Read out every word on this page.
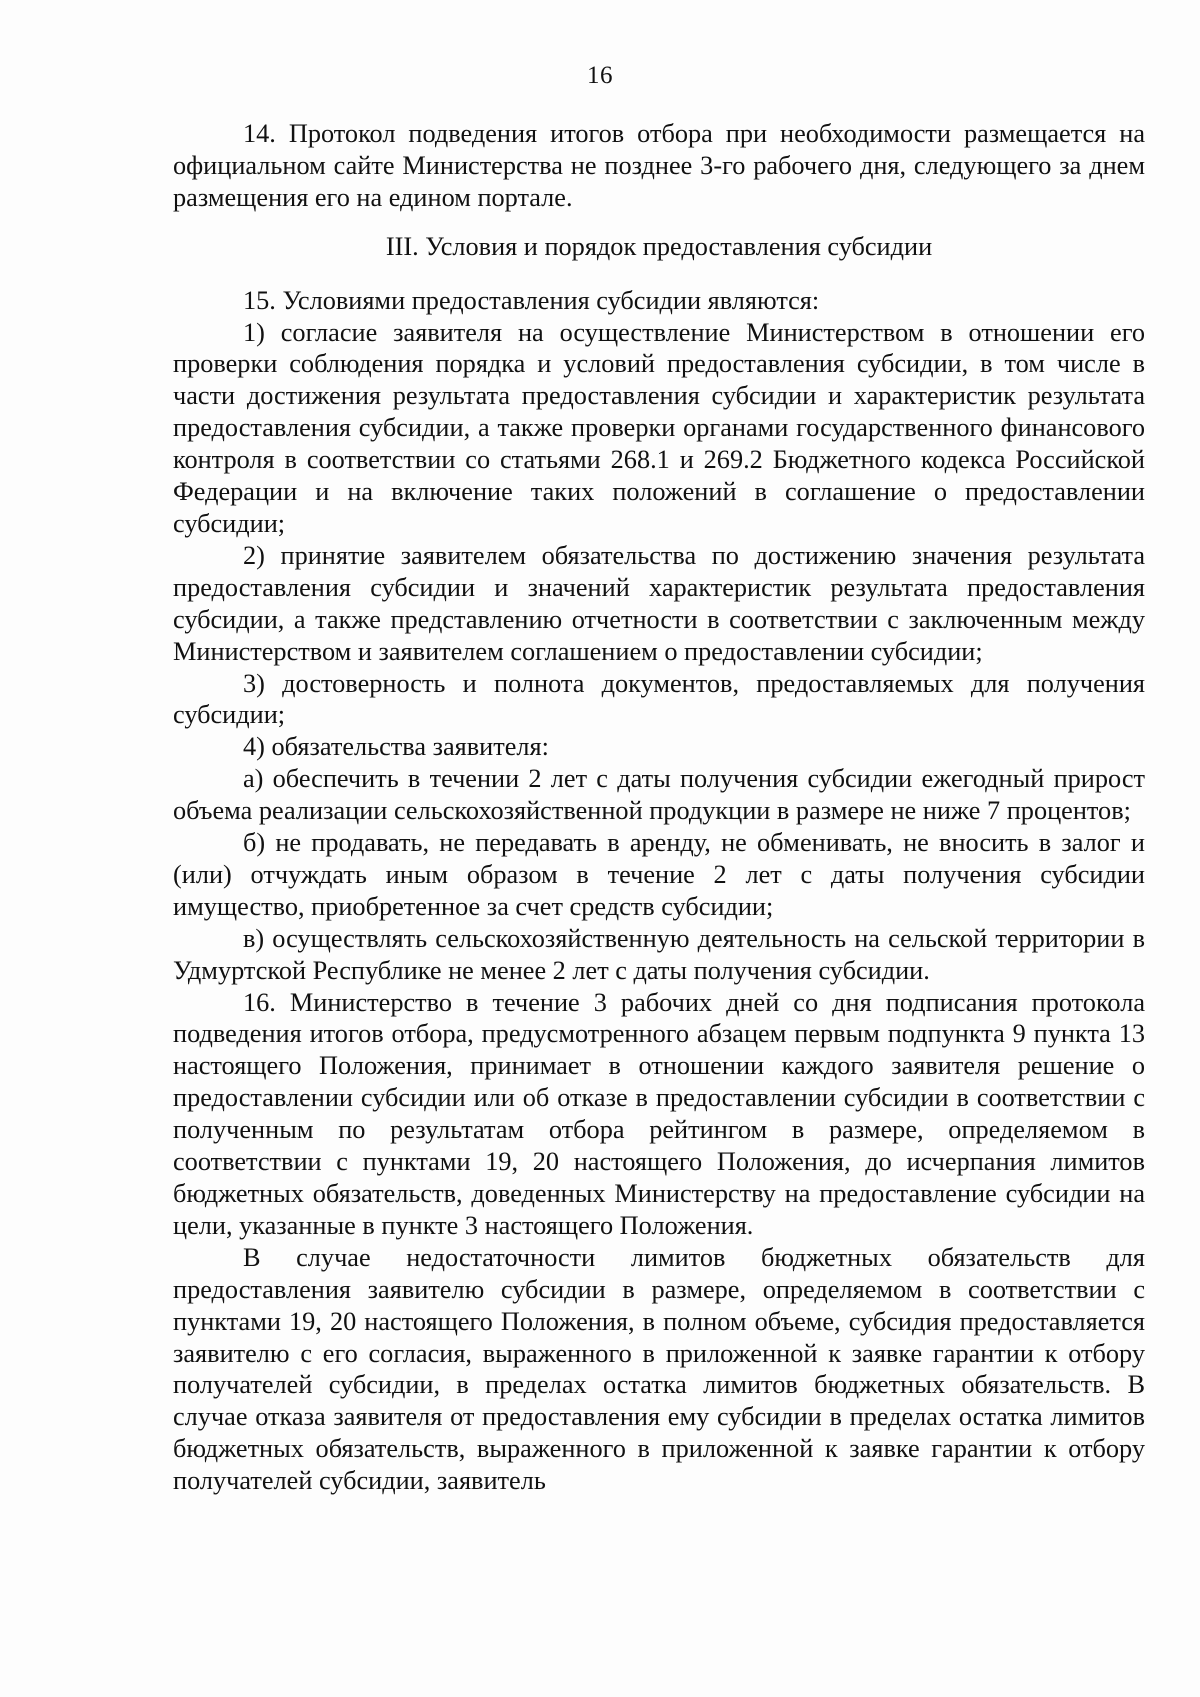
16

14. Протокол подведения итогов отбора при необходимости размещается на официальном сайте Министерства не позднее 3-го рабочего дня, следующего за днем размещения его на едином портале.

III. Условия и порядок предоставления субсидии

15. Условиями предоставления субсидии являются:

1) согласие заявителя на осуществление Министерством в отношении его проверки соблюдения порядка и условий предоставления субсидии, в том числе в части достижения результата предоставления субсидии и характеристик результата предоставления субсидии, а также проверки органами государственного финансового контроля в соответствии со статьями 268.1 и 269.2 Бюджетного кодекса Российской Федерации и на включение таких положений в соглашение о предоставлении субсидии;

2) принятие заявителем обязательства по достижению значения результата предоставления субсидии и значений характеристик результата предоставления субсидии, а также представлению отчетности в соответствии с заключенным между Министерством и заявителем соглашением о предоставлении субсидии;

3) достоверность и полнота документов, предоставляемых для получения субсидии;

4) обязательства заявителя:

а) обеспечить в течении 2 лет с даты получения субсидии ежегодный прирост объема реализации сельскохозяйственной продукции в размере не ниже 7 процентов;

б) не продавать, не передавать в аренду, не обменивать, не вносить в залог и (или) отчуждать иным образом в течение 2 лет с даты получения субсидии имущество, приобретенное за счет средств субсидии;

в) осуществлять сельскохозяйственную деятельность на сельской территории в Удмуртской Республике не менее 2 лет с даты получения субсидии.

16. Министерство в течение 3 рабочих дней со дня подписания протокола подведения итогов отбора, предусмотренного абзацем первым подпункта 9 пункта 13 настоящего Положения, принимает в отношении каждого заявителя решение о предоставлении субсидии или об отказе в предоставлении субсидии в соответствии с полученным по результатам отбора рейтингом в размере, определяемом в соответствии с пунктами 19, 20 настоящего Положения, до исчерпания лимитов бюджетных обязательств, доведенных Министерству на предоставление субсидии на цели, указанные в пункте 3 настоящего Положения.

В случае недостаточности лимитов бюджетных обязательств для предоставления заявителю субсидии в размере, определяемом в соответствии с пунктами 19, 20 настоящего Положения, в полном объеме, субсидия предоставляется заявителю с его согласия, выраженного в приложенной к заявке гарантии к отбору получателей субсидии, в пределах остатка лимитов бюджетных обязательств. В случае отказа заявителя от предоставления ему субсидии в пределах остатка лимитов бюджетных обязательств, выраженного в приложенной к заявке гарантии к отбору получателей субсидии, заявитель
